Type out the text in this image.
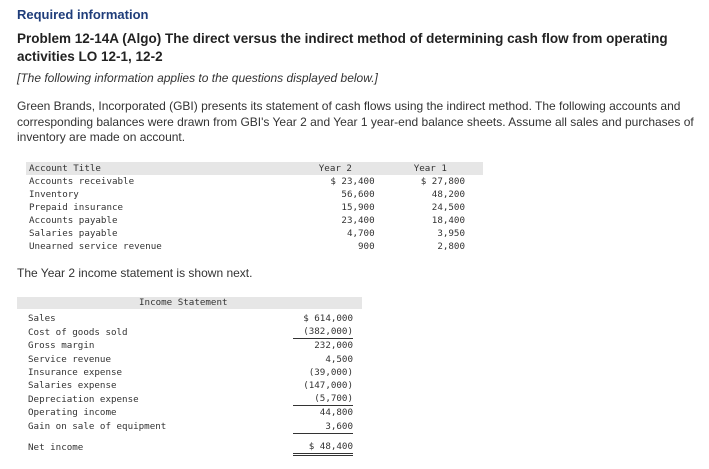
Required information
Problem 12-14A (Algo) The direct versus the indirect method of determining cash flow from operating activities LO 12-1, 12-2
[The following information applies to the questions displayed below.]
Green Brands, Incorporated (GBI) presents its statement of cash flows using the indirect method. The following accounts and corresponding balances were drawn from GBI's Year 2 and Year 1 year-end balance sheets. Assume all sales and purchases of inventory are made on account.
Account Title	Year 2	Year 1
Accounts receivable	$ 23,400	$ 27,800
Inventory	56,600	48,200
Prepaid insurance	15,900	24,500
Accounts payable	23,400	18,400
Salaries payable	4,700	3,950
Unearned service revenue	900	2,800
The Year 2 income statement is shown next.
Income Statement
Sales	$ 614,000
Cost of goods sold	(382,000)
Gross margin	232,000
Service revenue	4,500
Insurance expense	(39,000)
Salaries expense	(147,000)
Depreciation expense	(5,700)
Operating income	44,800
Gain on sale of equipment	3,600

Net income	$ 48,400
